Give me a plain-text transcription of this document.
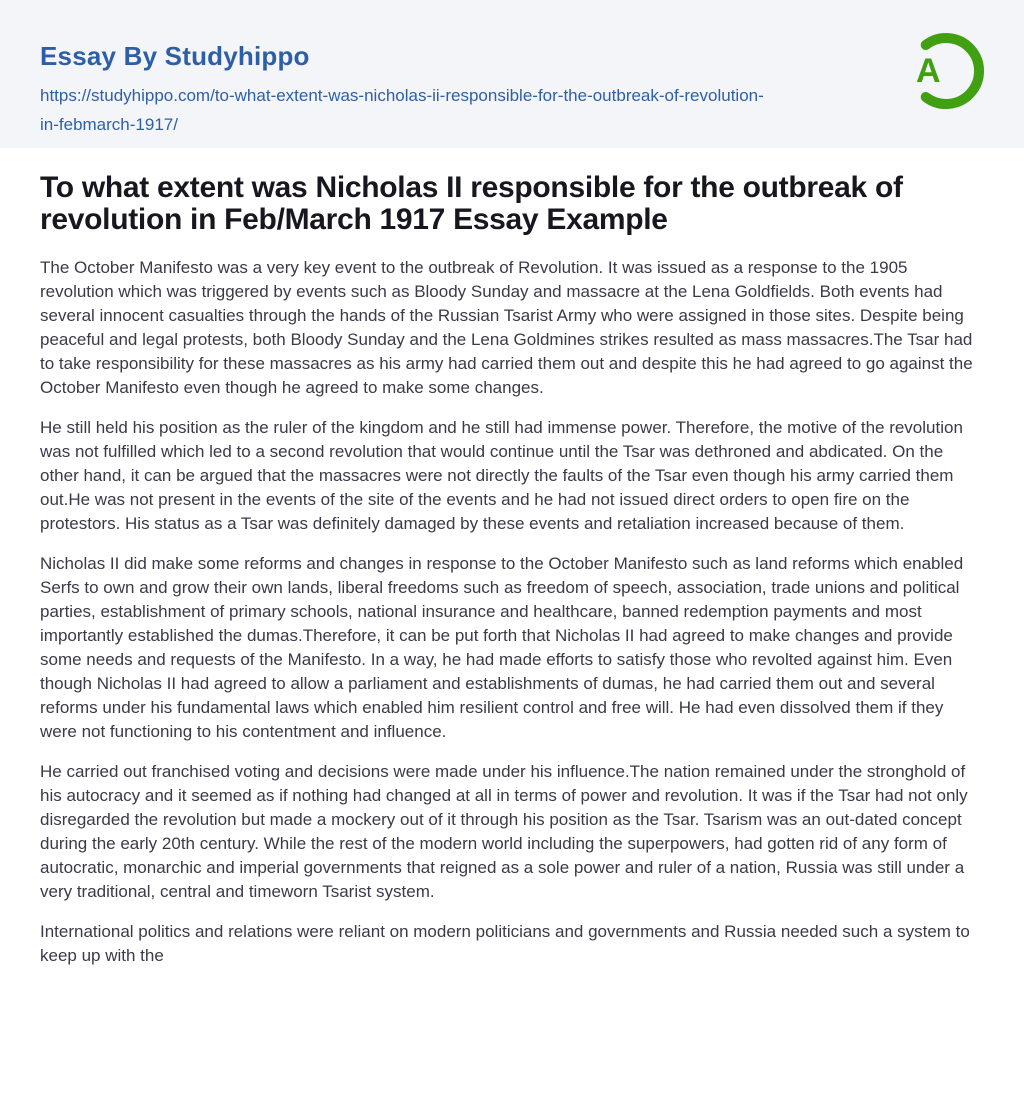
Essay By Studyhippo
https://studyhippo.com/to-what-extent-was-nicholas-ii-responsible-for-the-outbreak-of-revolution-in-febmarch-1917/
A
To what extent was Nicholas II responsible for the outbreak of revolution in Feb/March 1917 Essay Example

The October Manifesto was a very key event to the outbreak of Revolution. It was issued as a response to the 1905 revolution which was triggered by events such as Bloody Sunday and massacre at the Lena Goldfields. Both events had several innocent casualties through the hands of the Russian Tsarist Army who were assigned in those sites. Despite being peaceful and legal protests, both Bloody Sunday and the Lena Goldmines strikes resulted as mass massacres.The Tsar had to take responsibility for these massacres as his army had carried them out and despite this he had agreed to go against the October Manifesto even though he agreed to make some changes.

He still held his position as the ruler of the kingdom and he still had immense power. Therefore, the motive of the revolution was not fulfilled which led to a second revolution that would continue until the Tsar was dethroned and abdicated. On the other hand, it can be argued that the massacres were not directly the faults of the Tsar even though his army carried them out.He was not present in the events of the site of the events and he had not issued direct orders to open fire on the protestors. His status as a Tsar was definitely damaged by these events and retaliation increased because of them.

Nicholas II did make some reforms and changes in response to the October Manifesto such as land reforms which enabled Serfs to own and grow their own lands, liberal freedoms such as freedom of speech, association, trade unions and political parties, establishment of primary schools, national insurance and healthcare, banned redemption payments and most importantly established the dumas.Therefore, it can be put forth that Nicholas II had agreed to make changes and provide some needs and requests of the Manifesto. In a way, he had made efforts to satisfy those who revolted against him. Even though Nicholas II had agreed to allow a parliament and establishments of dumas, he had carried them out and several reforms under his fundamental laws which enabled him resilient control and free will. He had even dissolved them if they were not functioning to his contentment and influence.

He carried out franchised voting and decisions were made under his influence.The nation remained under the stronghold of his autocracy and it seemed as if nothing had changed at all in terms of power and revolution. It was if the Tsar had not only disregarded the revolution but made a mockery out of it through his position as the Tsar. Tsarism was an out-dated concept during the early 20th century. While the rest of the modern world including the superpowers, had gotten rid of any form of autocratic, monarchic and imperial governments that reigned as a sole power and ruler of a nation, Russia was still under a very traditional, central and timeworn Tsarist system.

International politics and relations were reliant on modern politicians and governments and Russia needed such a system to keep up with the
